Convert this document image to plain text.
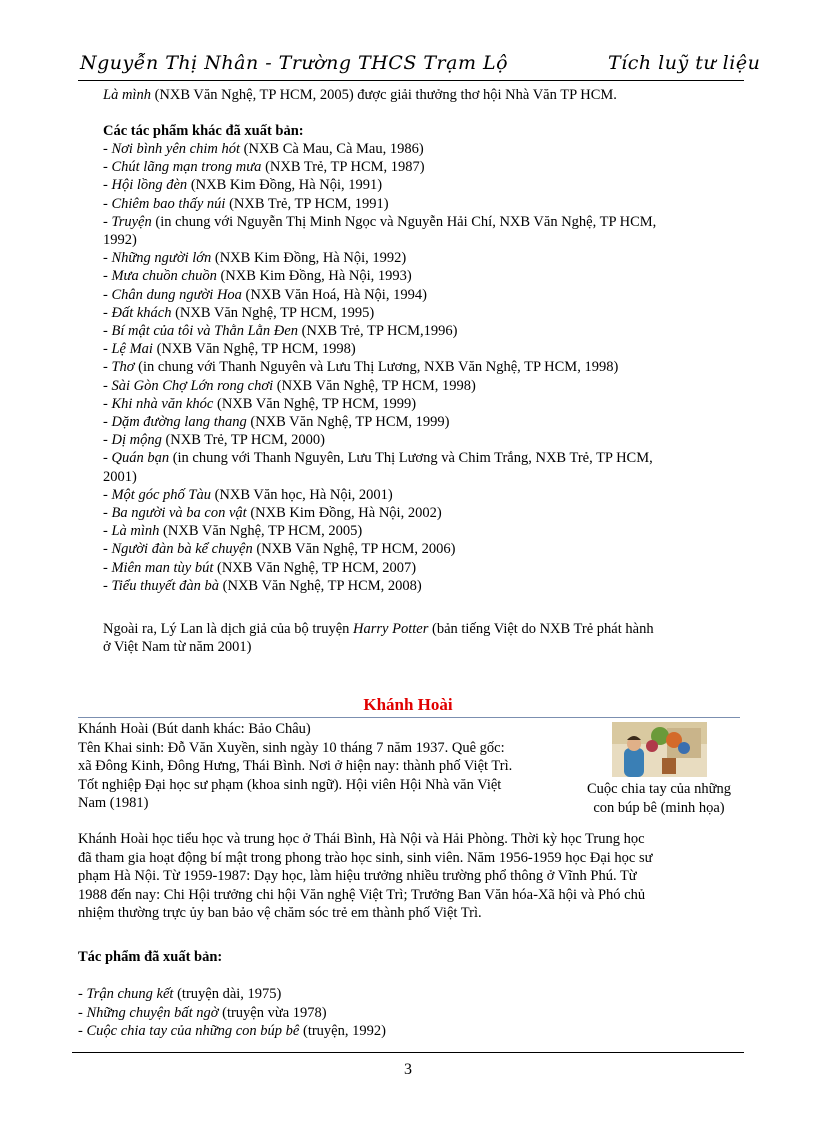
Nguyễn Thị Nhân - Trường THCS Trạm Lộ	Tích luỹ tư liệu
Là mình (NXB Văn Nghệ, TP HCM, 2005) được giải thưởng thơ hội Nhà Văn TP HCM.
Các tác phẩm khác đã xuất bản:
- Nơi bình yên chim hót (NXB Cà Mau, Cà Mau, 1986)
- Chút lãng mạn trong mưa (NXB Trẻ, TP HCM, 1987)
- Hội lồng đèn (NXB Kim Đồng, Hà Nội, 1991)
- Chiêm bao thấy núi (NXB Trẻ, TP HCM, 1991)
- Truyện (in chung với Nguyễn Thị Minh Ngọc và Nguyễn Hải Chí, NXB Văn Nghệ, TP HCM,
1992)
- Những người lớn (NXB Kim Đồng, Hà Nội, 1992)
- Mưa chuồn chuồn (NXB Kim Đồng, Hà Nội, 1993)
- Chân dung người Hoa (NXB Văn Hoá, Hà Nội, 1994)
- Đất khách (NXB Văn Nghệ, TP HCM, 1995)
- Bí mật của tôi và Thằn Lằn Đen (NXB Trẻ, TP HCM,1996)
- Lệ Mai (NXB Văn Nghệ, TP HCM, 1998)
- Thơ (in chung với Thanh Nguyên và Lưu Thị Lương, NXB Văn Nghệ, TP HCM, 1998)
- Sài Gòn Chợ Lớn rong chơi (NXB Văn Nghệ, TP HCM, 1998)
- Khi nhà văn khóc (NXB Văn Nghệ, TP HCM, 1999)
- Dặm đường lang thang (NXB Văn Nghệ, TP HCM, 1999)
- Dị mộng (NXB Trẻ, TP HCM, 2000)
- Quán bạn (in chung với Thanh Nguyên, Lưu Thị Lương và Chim Trắng, NXB Trẻ, TP HCM,
2001)
- Một góc phố Tàu (NXB Văn học, Hà Nội, 2001)
- Ba người và ba con vật (NXB Kim Đồng, Hà Nội, 2002)
- Là mình (NXB Văn Nghệ, TP HCM, 2005)
- Người đàn bà kể chuyện (NXB Văn Nghệ, TP HCM, 2006)
- Miên man tùy bút (NXB Văn Nghệ, TP HCM, 2007)
- Tiểu thuyết đàn bà (NXB Văn Nghệ, TP HCM, 2008)
Ngoài ra, Lý Lan là dịch giả của bộ truyện Harry Potter (bản tiếng Việt do NXB Trẻ phát hành
ở Việt Nam từ năm 2001)
Khánh Hoài
Khánh Hoài (Bút danh khác: Bảo Châu)
Tên Khai sinh: Đỗ Văn Xuyền, sinh ngày 10 tháng 7 năm 1937. Quê gốc:
xã Đông Kinh, Đông Hưng, Thái Bình. Nơi ở hiện nay: thành phố Việt Trì.
Tốt nghiệp Đại học sư phạm (khoa sinh ngữ). Hội viên Hội Nhà văn Việt
Nam (1981)
Cuộc chia tay của những
con búp bê (minh họa)
Khánh Hoài học tiểu học và trung học ở Thái Bình, Hà Nội và Hải Phòng. Thời kỳ học Trung học
đã tham gia hoạt động bí mật trong phong trào học sinh, sinh viên. Năm 1956-1959 học Đại học sư
phạm Hà Nội. Từ 1959-1987: Dạy học, làm hiệu trưởng nhiều trường phổ thông ở Vĩnh Phú. Từ
1988 đến nay: Chi Hội trưởng chi hội Văn nghệ Việt Trì; Trưởng Ban Văn hóa-Xã hội và Phó chủ
nhiệm thường trực ủy ban bảo vệ chăm sóc trẻ em thành phố Việt Trì.
Tác phẩm đã xuất bản:
- Trận chung kết (truyện dài, 1975)
- Những chuyện bất ngờ (truyện vừa 1978)
- Cuộc chia tay của những con búp bê (truyện, 1992)
3
